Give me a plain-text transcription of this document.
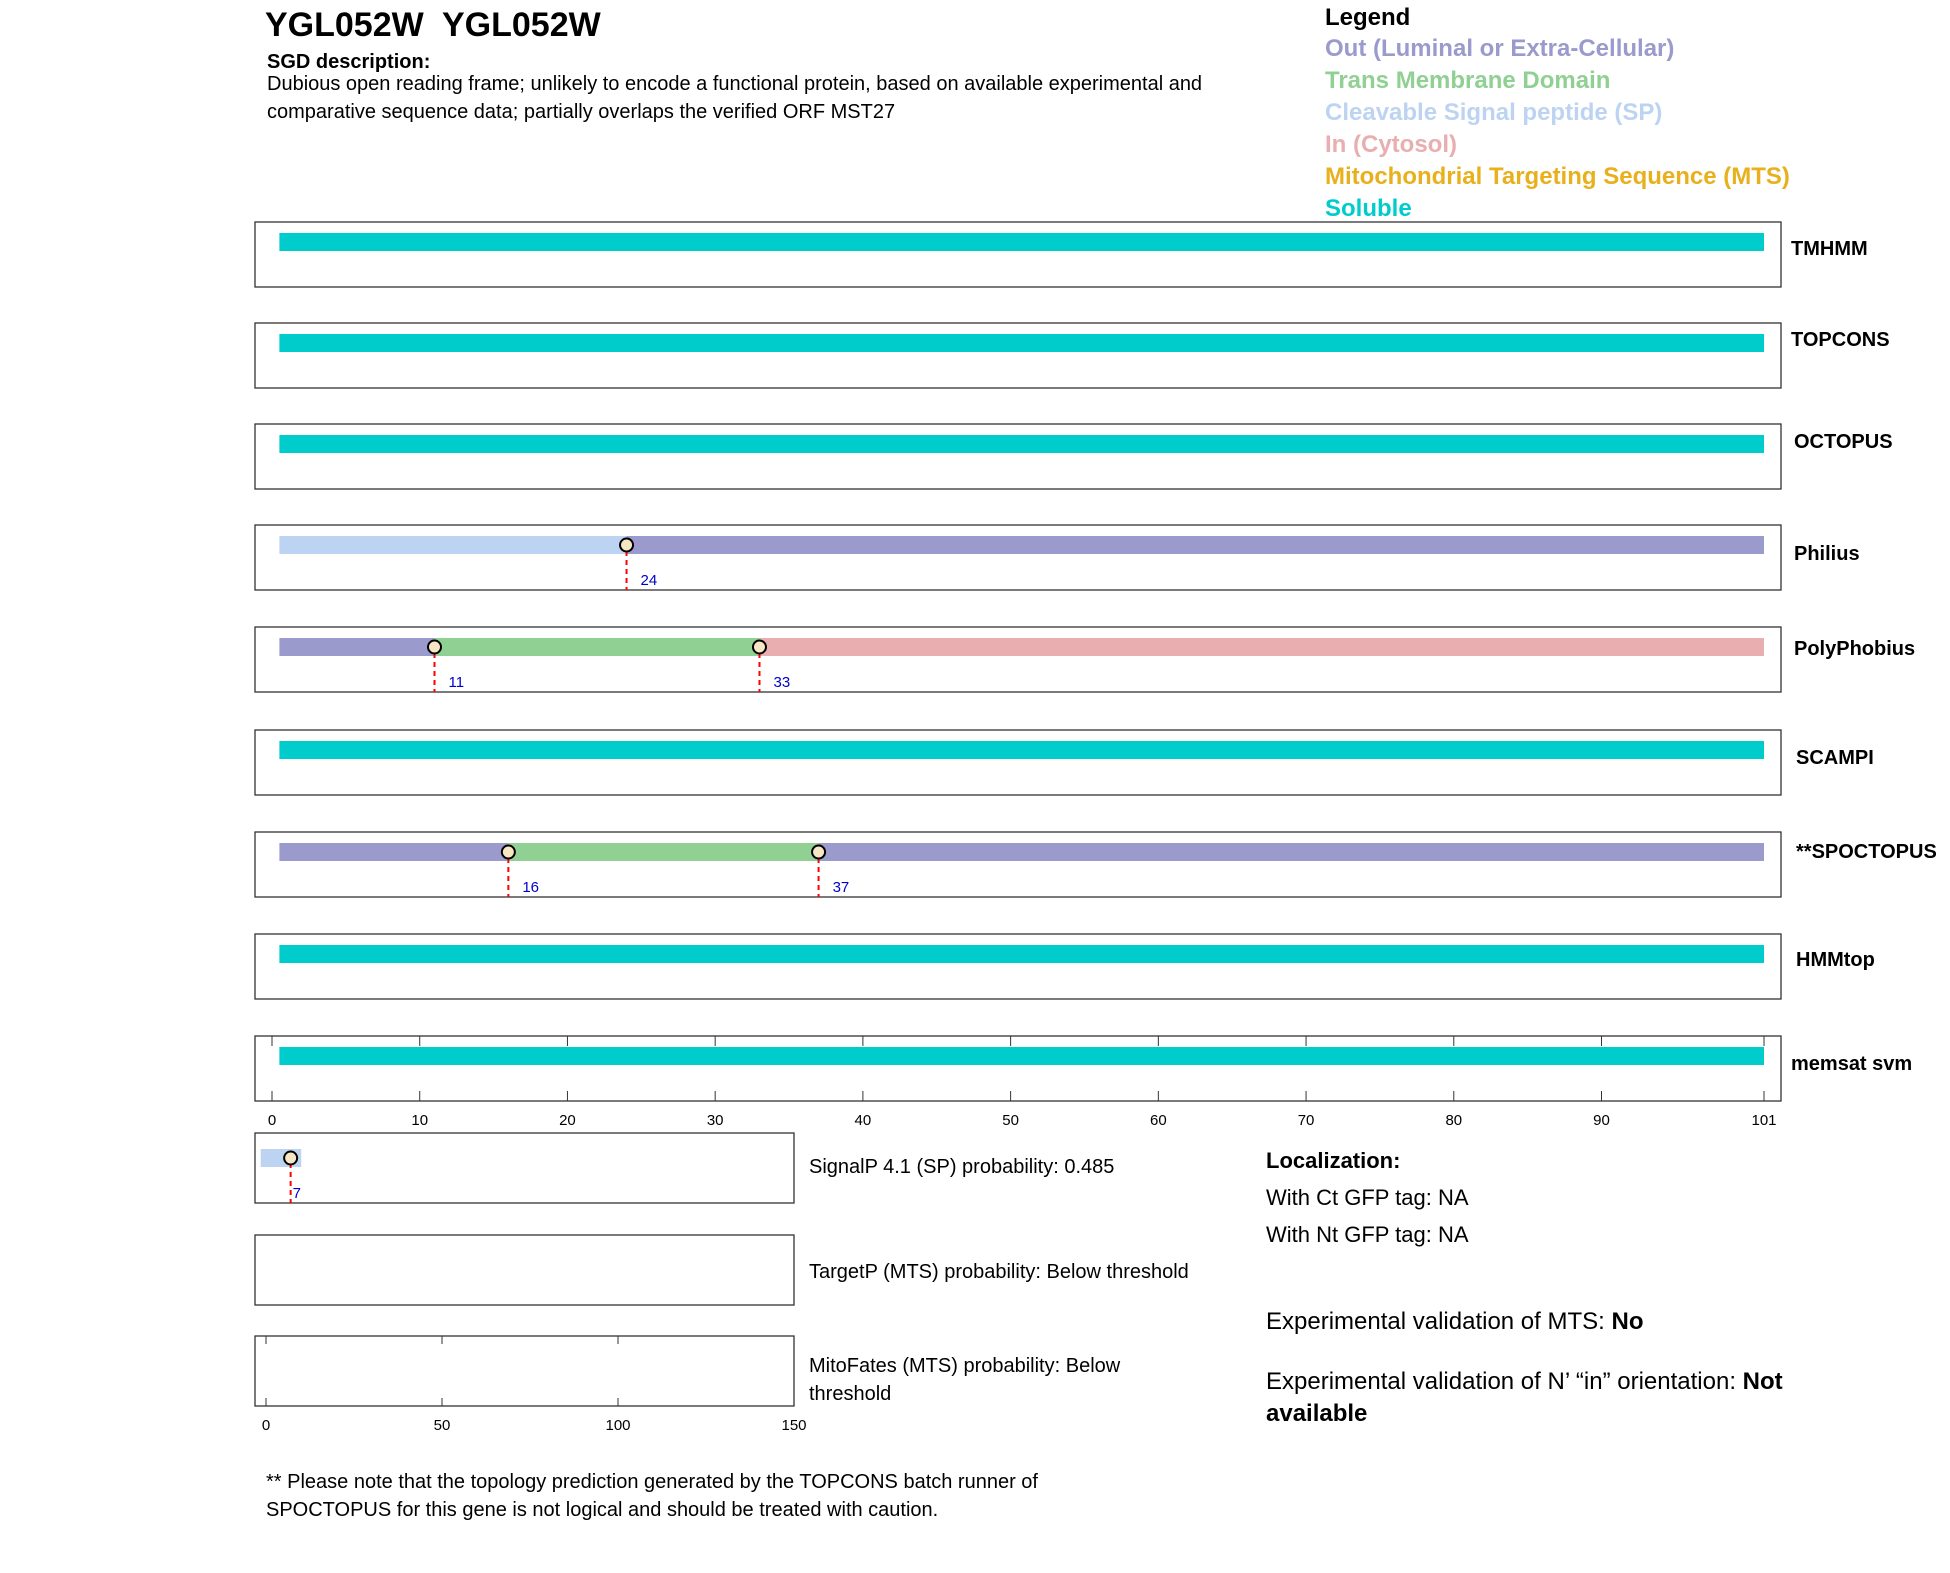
YGL052W  YGL052W
SGD description:
Dubious open reading frame; unlikely to encode a functional protein, based on available experimental and comparative sequence data; partially overlaps the verified ORF MST27
Legend
Out (Luminal or Extra-Cellular)
Trans Membrane Domain
Cleavable Signal peptide (SP)
In (Cytosol)
Mitochondrial Targeting Sequence (MTS)
Soluble
TMHMM
TOPCONS
OCTOPUS
24
Philius
11	33
PolyPhobius
SCAMPI
16	37
**SPOCTOPUS
HMMtop
memsat svm
0	10	20	30	40	50	60	70	80	90	101
7
SignalP 4.1 (SP) probability: 0.485
TargetP (MTS) probability: Below threshold
MitoFates (MTS) probability: Below
threshold
0	50	100	150
Localization:
With Ct GFP tag: NA
With Nt GFP tag: NA
Experimental validation of MTS: No
Experimental validation of N’ “in” orientation: Not available
** Please note that the topology prediction generated by the TOPCONS batch runner of SPOCTOPUS for this gene is not logical and should be treated with caution.
